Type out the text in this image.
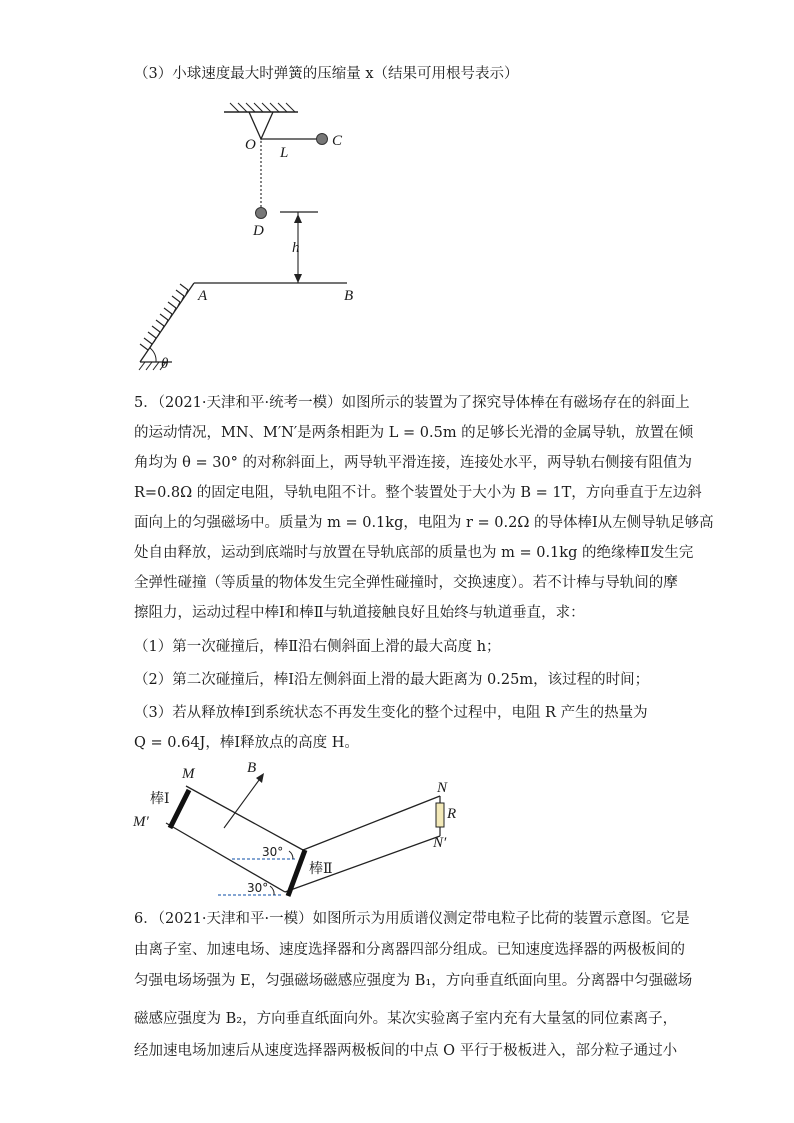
（3）小球速度最大时弹簧的压缩量 x（结果可用根号表示）
O L
C
D
h
A	B
θ
5．（2021·天津和平·统考一模）如图所示的装置为了探究导体棒在有磁场存在的斜面上
的运动情况，MN、M′N′是两条相距为 L = 0.5m 的足够长光滑的金属导轨，放置在倾
角均为 θ = 30° 的对称斜面上，两导轨平滑连接，连接处水平，两导轨右侧接有阻值为
R=0.8Ω 的固定电阻，导轨电阻不计。整个装置处于大小为 B = 1T，方向垂直于左边斜
面向上的匀强磁场中。质量为 m = 0.1kg，电阻为 r = 0.2Ω 的导体棒Ⅰ从左侧导轨足够高
处自由释放，运动到底端时与放置在导轨底部的质量也为 m = 0.1kg 的绝缘棒Ⅱ发生完
全弹性碰撞（等质量的物体发生完全弹性碰撞时，交换速度）。若不计棒与导轨间的摩
擦阻力，运动过程中棒Ⅰ和棒Ⅱ与轨道接触良好且始终与轨道垂直，求：
（1）第一次碰撞后，棒Ⅱ沿右侧斜面上滑的最大高度 h；
（2）第二次碰撞后，棒Ⅰ沿左侧斜面上滑的最大距离为 0.25m，该过程的时间；
（3）若从释放棒Ⅰ到系统状态不再发生变化的整个过程中，电阻 R 产生的热量为
Q = 0.64J，棒Ⅰ释放点的高度 H。
M
M′
棒Ⅰ
B
N
R
N′
棒Ⅱ
30°
30°
6．（2021·天津和平·一模）如图所示为用质谱仪测定带电粒子比荷的装置示意图。它是
由离子室、加速电场、速度选择器和分离器四部分组成。已知速度选择器的两极板间的
匀强电场场强为 E，匀强磁场磁感应强度为 B₁，方向垂直纸面向里。分离器中匀强磁场
磁感应强度为 B₂，方向垂直纸面向外。某次实验离子室内充有大量氢的同位素离子，
经加速电场加速后从速度选择器两极板间的中点 O 平行于极板进入，部分粒子通过小
